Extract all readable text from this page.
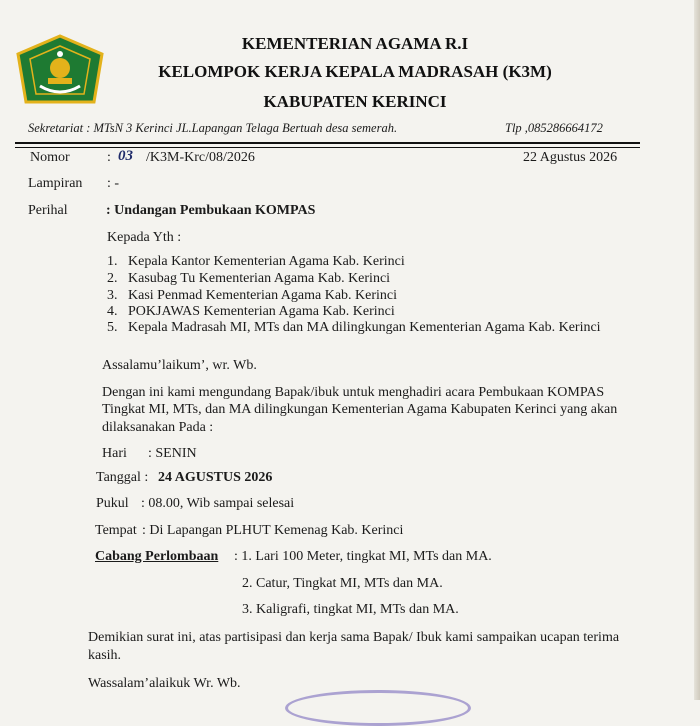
KEMENTERIAN AGAMA R.I
KELOMPOK KERJA KEPALA MADRASAH (K3M)
KABUPATEN KERINCI
Sekretariat : MTsN 3 Kerinci JL.Lapangan Telaga Bertuah desa semerah.	Tlp ,085286664172
Nomor	: 03 /K3M-Krc/08/2026	22 Agustus 2026
Lampiran : -
Perihal	: Undangan Pembukaan KOMPAS
Kepada Yth :
1. Kepala Kantor Kementerian Agama Kab. Kerinci
2. Kasubag Tu Kementerian Agama Kab. Kerinci
3. Kasi Penmad Kementerian Agama Kab. Kerinci
4. POKJAWAS Kementerian Agama Kab. Kerinci
5. Kepala Madrasah MI, MTs dan MA dilingkungan Kementerian Agama Kab. Kerinci
Assalamu’laikum’, wr. Wb.
Dengan ini kami mengundang Bapak/ibuk untuk menghadiri acara Pembukaan KOMPAS
Tingkat MI, MTs, dan MA dilingkungan Kementerian Agama Kabupaten Kerinci yang akan
dilaksanakan Pada :
Hari : SENIN
Tanggal : 24 AGUSTUS 2026
Pukul : 08.00, Wib sampai selesai
Tempat : Di Lapangan PLHUT Kemenag Kab. Kerinci
Cabang Perlombaan : 1. Lari 100 Meter, tingkat MI, MTs dan MA.
2. Catur, Tingkat MI, MTs dan MA.
3. Kaligrafi, tingkat MI, MTs dan MA.
Demikian surat ini, atas partisipasi dan kerja sama Bapak/ Ibuk kami sampaikan ucapan terima
kasih.
Wassalam’alaikuk Wr. Wb.
